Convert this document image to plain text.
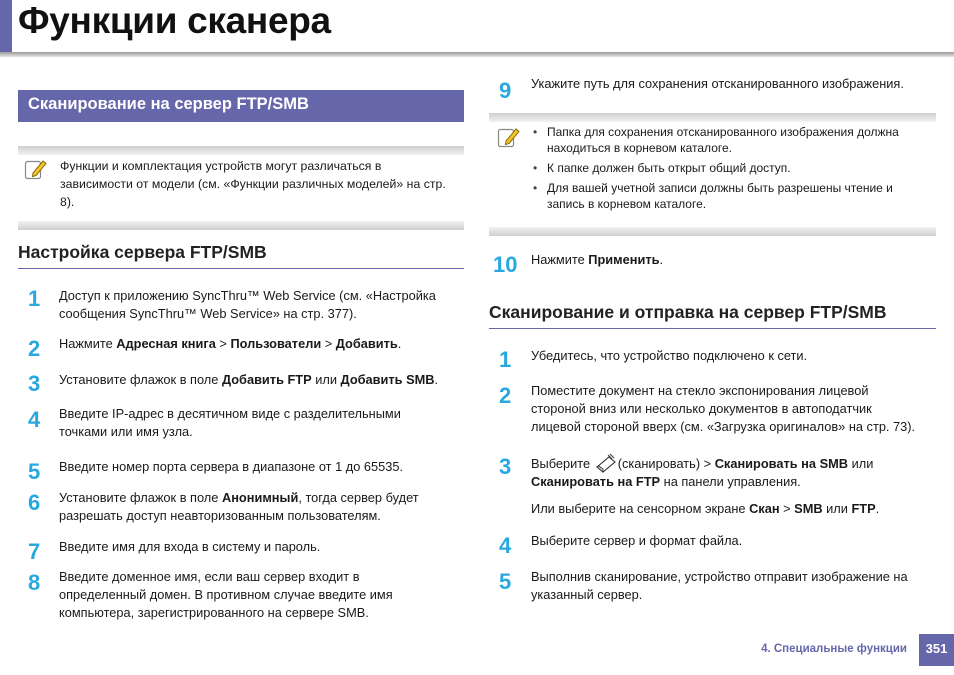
Функции сканера
Сканирование на сервер FTP/SMB
Функции и комплектация устройств могут различаться в зависимости от модели (см. «Функции различных моделей» на стр. 8).
Настройка сервера FTP/SMB
1	Доступ к приложению SyncThru™ Web Service (см. «Настройка
сообщения SyncThru™ Web Service» на стр. 377).
2	Нажмите Адресная книга > Пользователи > Добавить.
3	Установите флажок в поле Добавить FTP или Добавить SMB.
4	Введите IP-адрес в десятичном виде с разделительными
точками или имя узла.
5	Введите номер порта сервера в диапазоне от 1 до 65535.
6	Установите флажок в поле Анонимный, тогда сервер будет
разрешать доступ неавторизованным пользователям.
7	Введите имя для входа в систему и пароль.
8	Введите доменное имя, если ваш сервер входит в
определенный домен. В противном случае введите имя
компьютера, зарегистрированного на сервере SMB.
9	Укажите путь для сохранения отсканированного изображения.
• Папка для сохранения отсканированного изображения должна
находиться в корневом каталоге.
• К папке должен быть открыт общий доступ.
• Для вашей учетной записи должны быть разрешены чтение и
запись в корневом каталоге.
10	Нажмите Применить.
Сканирование и отправка на сервер FTP/SMB
1	Убедитесь, что устройство подключено к сети.
2	Поместите документ на стекло экспонирования лицевой
стороной вниз или несколько документов в автоподатчик
лицевой стороной вверх (см. «Загрузка оригиналов» на стр. 73).
3	Выберите (сканировать) > Сканировать на SMB или
Сканировать на FTP на панели управления.
Или выберите на сенсорном экране Скан > SMB или FTP.
4	Выберите сервер и формат файла.
5	Выполнив сканирование, устройство отправит изображение на
указанный сервер.
4. Специальные функции	351
